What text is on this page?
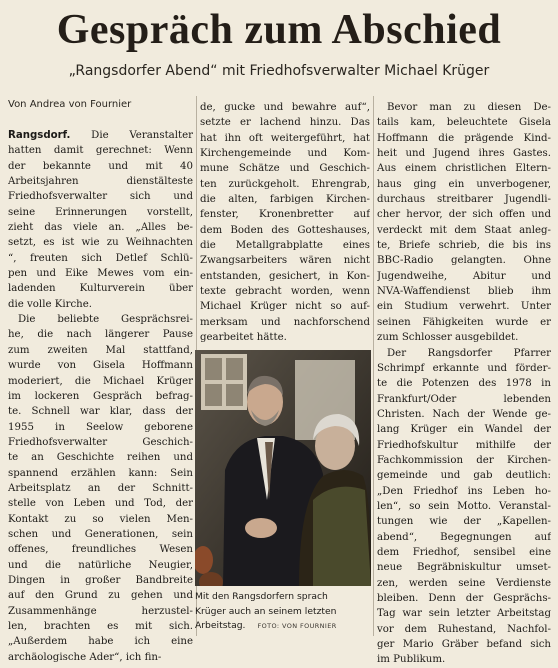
Gespräch zum Abschied
„Rangsdorfer Abend“ mit Friedhofsverwalter Michael Krüger
Von Andrea von Fournier

Rangsdorf. Die Veranstalter

hatten damit gerechnet: Wenn

der bekannte und mit 40

Arbeitsjahren dienstälteste

Friedhofsverwalter sich und

seine Erinnerungen vorstellt,

zieht das viele an. „Alles be-

setzt, es ist wie zu Weihnachten

“, freuten sich Detlef Schlü-

pen und Eike Mewes vom ein-

ladenden Kulturverein über

die volle Kirche.

Die beliebte Gesprächsrei-

he, die nach längerer Pause

zum zweiten Mal stattfand,

wurde von Gisela Hoffmann

moderiert, die Michael Krüger

im lockeren Gespräch befrag-

te. Schnell war klar, dass der

1955 in Seelow geborene

Friedhofsverwalter Geschich-

te an Geschichte reihen und

spannend erzählen kann: Sein

Arbeitsplatz an der Schnitt-

stelle von Leben und Tod, der

Kontakt zu so vielen Men-

schen und Generationen, sein

offenes, freundliches Wesen

und die natürliche Neugier,

Dingen in großer Bandbreite

auf den Grund zu gehen und

Zusammenhänge herzustel-

len, brachten es mit sich.

„Außerdem habe ich eine

archäologische Ader“, ich fin-

de, gucke und bewahre auf“,

setzte er lachend hinzu. Das

hat ihn oft weitergeführt, hat

Kirchengemeinde und Kom-

mune Schätze und Geschich-

ten zurückgeholt. Ehrengrab,

die alten, farbigen Kirchen-

fenster, Kronenbretter auf

dem Boden des Gotteshauses,

die Metallgrabplatte eines

Zwangsarbeiters wären nicht

entstanden, gesichert, in Kon-

texte gebracht worden, wenn

Michael Krüger nicht so auf-

merksam und nachforschend

gearbeitet hätte.

Bevor man zu diesen De-

tails kam, beleuchtete Gisela

Hoffmann die prägende Kind-

heit und Jugend ihres Gastes.

Aus einem christlichen Eltern-

haus ging ein unverbogener,

durchaus streitbarer Jugendli-

cher hervor, der sich offen und

verdeckt mit dem Staat anleg-

te, Briefe schrieb, die bis ins

BBC-Radio gelangten. Ohne

Jugendweihe, Abitur und

NVA-Waffendienst blieb ihm

ein Studium verwehrt. Unter

seinen Fähigkeiten wurde er

zum Schlosser ausgebildet.

Der Rangsdorfer Pfarrer

Schrimpf erkannte und förder-

te die Potenzen des 1978 in

Frankfurt/Oder lebenden

Christen. Nach der Wende ge-

lang Krüger ein Wandel der

Friedhofskultur mithilfe der

Fachkommission der Kirchen-

gemeinde und gab deutlich:

„Den Friedhof ins Leben ho-

len“, so sein Motto. Veranstal-

tungen wie der „Kapellen-

abend“, Begegnungen auf

dem Friedhof, sensibel eine

neue Begräbniskultur umset-

zen, werden seine Verdienste

bleiben. Denn der Gesprächs-

Tag war sein letzter Arbeitstag

vor dem Ruhestand, Nachfol-

ger Mario Gräber befand sich

im Publikum.

Mit den Rangsdorfern sprach
Krüger auch an seinem letzten
Arbeitstag. FOTO: VON FOURNIER
